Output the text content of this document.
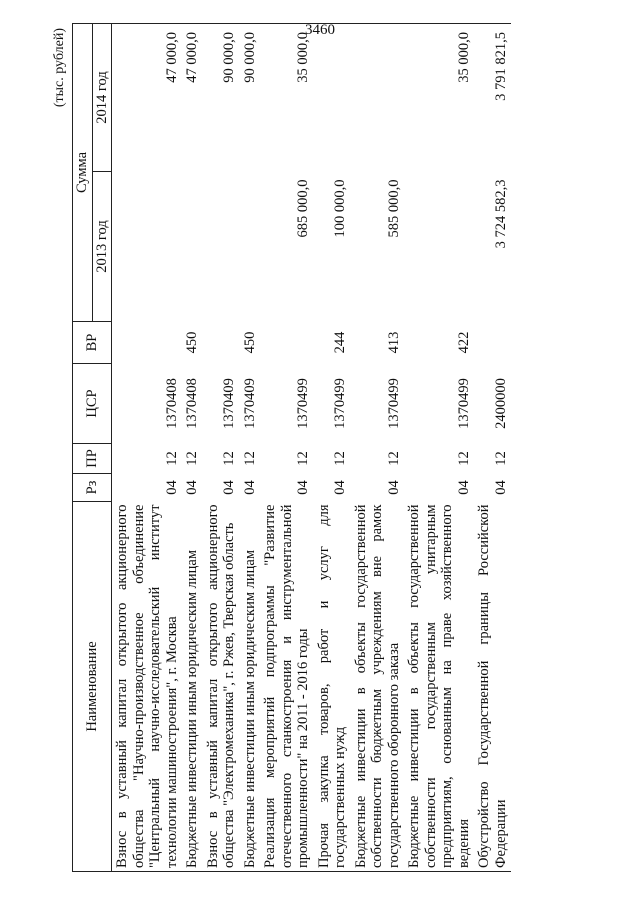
3460
(тыс. рублей)
Наименование	Рз	ПР	ЦСР	ВР	Сумма	
					2013 год	2014 год
Взнос в уставный капитал открытого акционерного общества "Научно-производственное объединение "Центральный научно-исследовательский институт технологии машиностроения", г. Москва	04	12	1370408			47 000,0
Бюджетные инвестиции иным юридическим лицам	04	12	1370408	450		47 000,0
Взнос в уставный капитал открытого акционерного общества "Электромеханика", г. Ржев, Тверская область	04	12	1370409			90 000,0
Бюджетные инвестиции иным юридическим лицам	04	12	1370409	450		90 000,0
Реализация мероприятий подпрограммы "Развитие отечественного станкостроения и инструментальной промышленности" на 2011 - 2016 годы	04	12	1370499		685 000,0	35 000,0
Прочая закупка товаров, работ и услуг для государственных нужд	04	12	1370499	244	100 000,0	
Бюджетные инвестиции в объекты государственной собственности бюджетным учреждениям вне рамок государственного оборонного заказа	04	12	1370499	413	585 000,0	
Бюджетные инвестиции в объекты государственной собственности государственным унитарным предприятиям, основанным на праве хозяйственного ведения	04	12	1370499	422		35 000,0
Обустройство Государственной границы Российской Федерации	04	12	2400000		3 724 582,3	3 791 821,5
